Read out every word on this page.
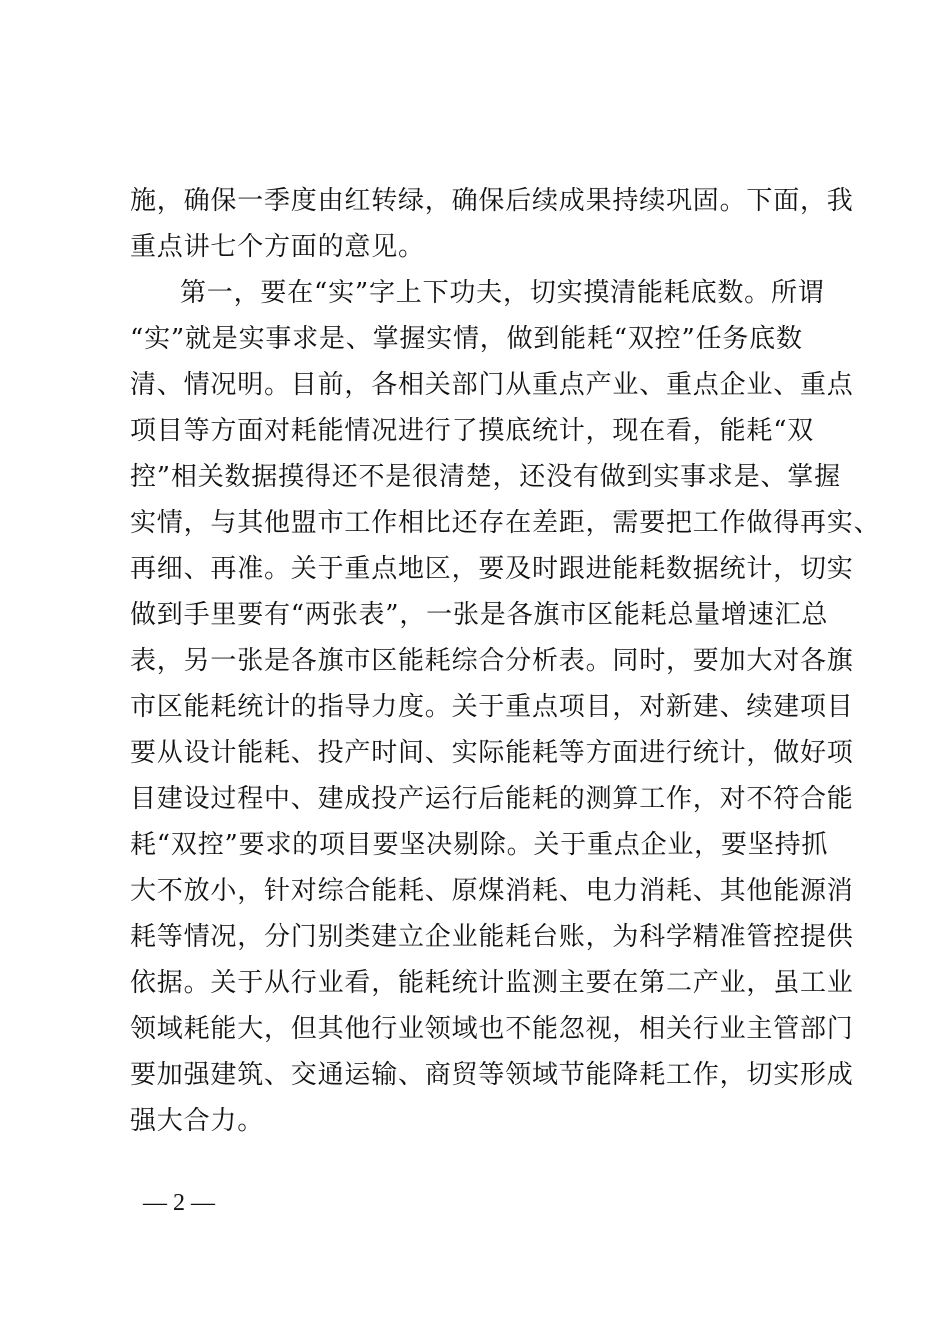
施，确保一季度由红转绿，确保后续成果持续巩固。下面，我
重点讲七个方面的意见。
第一，要在“实”字上下功夫，切实摸清能耗底数。所谓
“实”就是实事求是、掌握实情，做到能耗“双控”任务底数
清、情况明。目前，各相关部门从重点产业、重点企业、重点
项目等方面对耗能情况进行了摸底统计，现在看，能耗“双
控”相关数据摸得还不是很清楚，还没有做到实事求是、掌握
实情，与其他盟市工作相比还存在差距，需要把工作做得再实、
再细、再准。关于重点地区，要及时跟进能耗数据统计，切实
做到手里要有“两张表”，一张是各旗市区能耗总量增速汇总
表，另一张是各旗市区能耗综合分析表。同时，要加大对各旗
市区能耗统计的指导力度。关于重点项目，对新建、续建项目
要从设计能耗、投产时间、实际能耗等方面进行统计，做好项
目建设过程中、建成投产运行后能耗的测算工作，对不符合能
耗“双控”要求的项目要坚决剔除。关于重点企业，要坚持抓
大不放小，针对综合能耗、原煤消耗、电力消耗、其他能源消
耗等情况，分门别类建立企业能耗台账，为科学精准管控提供
依据。关于从行业看，能耗统计监测主要在第二产业，虽工业
领域耗能大，但其他行业领域也不能忽视，相关行业主管部门
要加强建筑、交通运输、商贸等领域节能降耗工作，切实形成
强大合力。
— 2 —
